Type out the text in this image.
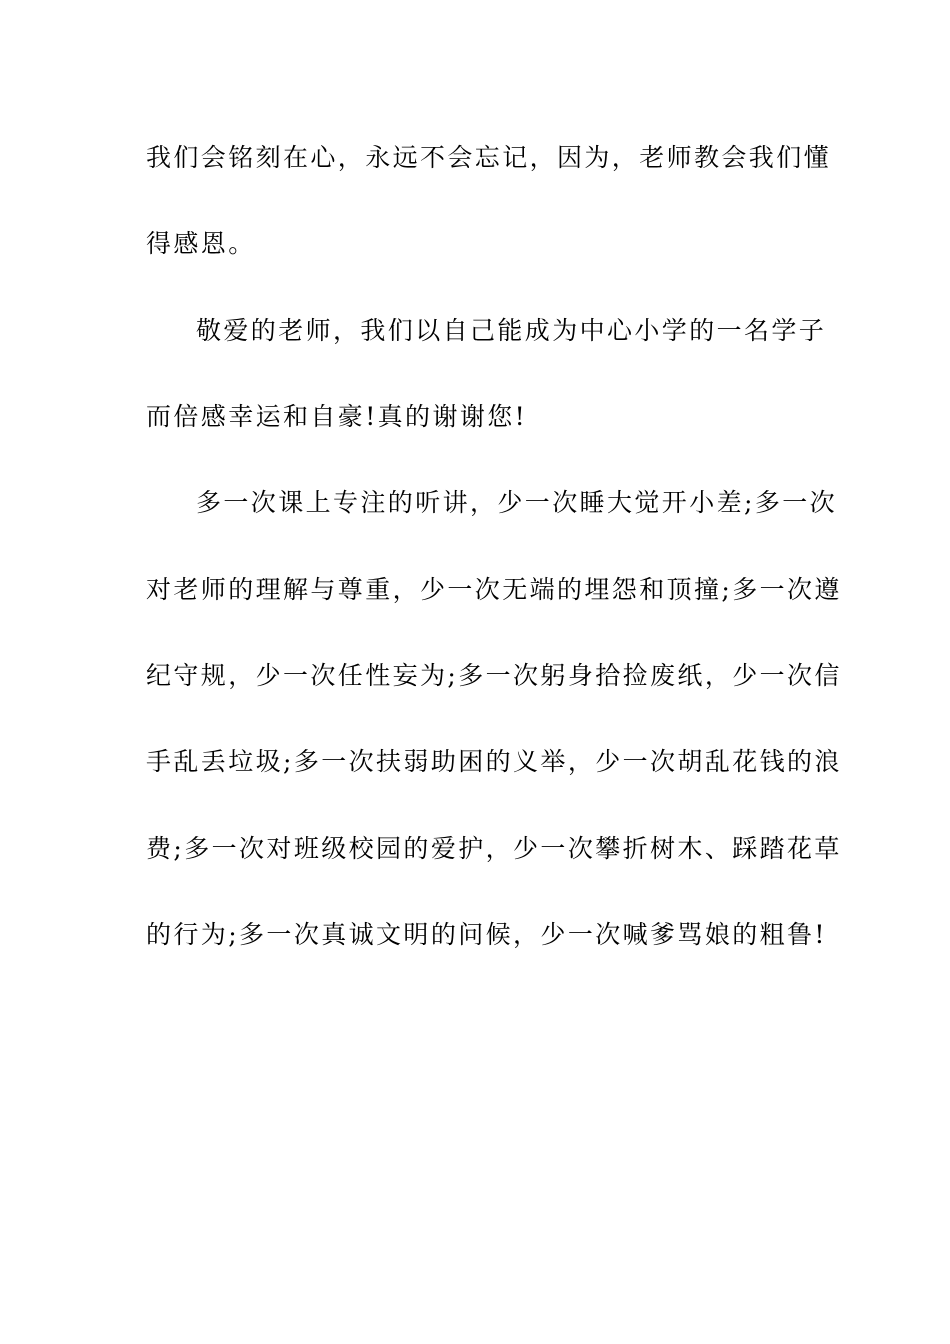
我们会铭刻在心，永远不会忘记，因为，老师教会我们懂
得感恩。
敬爱的老师，我们以自己能成为中心小学的一名学子
而倍感幸运和自豪!真的谢谢您!
多一次课上专注的听讲，少一次睡大觉开小差;多一次
对老师的理解与尊重，少一次无端的埋怨和顶撞;多一次遵
纪守规，少一次任性妄为;多一次躬身拾捡废纸，少一次信
手乱丢垃圾;多一次扶弱助困的义举，少一次胡乱花钱的浪
费;多一次对班级校园的爱护，少一次攀折树木、踩踏花草
的行为;多一次真诚文明的问候，少一次喊爹骂娘的粗鲁!
